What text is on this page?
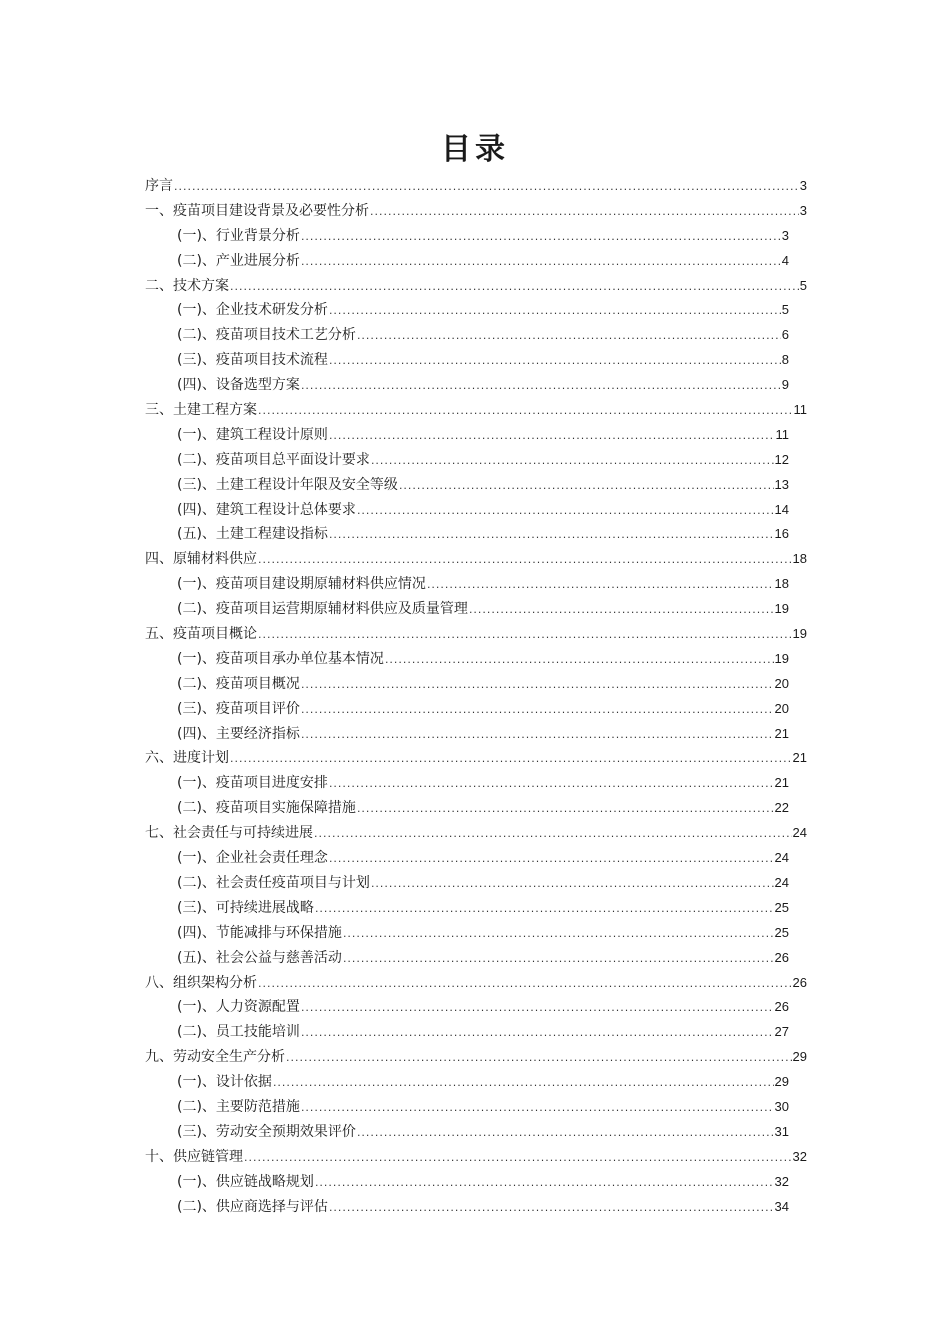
目录
序言 .....	3
一、疫苗项目建设背景及必要性分析 .....	3
(一)、行业背景分析 .....	3
(二)、产业进展分析 .....	4
二、技术方案 .....	5
(一)、企业技术研发分析 .....	5
(二)、疫苗项目技术工艺分析 .....	6
(三)、疫苗项目技术流程 .....	8
(四)、设备选型方案 .....	9
三、土建工程方案 .....	11
(一)、建筑工程设计原则 .....	11
(二)、疫苗项目总平面设计要求 .....	12
(三)、土建工程设计年限及安全等级 .....	13
(四)、建筑工程设计总体要求 .....	14
(五)、土建工程建设指标 .....	16
四、原辅材料供应 .....	18
(一)、疫苗项目建设期原辅材料供应情况 .....	18
(二)、疫苗项目运营期原辅材料供应及质量管理 .....	19
五、疫苗项目概论 .....	19
(一)、疫苗项目承办单位基本情况 .....	19
(二)、疫苗项目概况 .....	20
(三)、疫苗项目评价 .....	20
(四)、主要经济指标 .....	21
六、进度计划 .....	21
(一)、疫苗项目进度安排 .....	21
(二)、疫苗项目实施保障措施 .....	22
七、社会责任与可持续进展 .....	24
(一)、企业社会责任理念 .....	24
(二)、社会责任疫苗项目与计划 .....	24
(三)、可持续进展战略 .....	25
(四)、节能减排与环保措施 .....	25
(五)、社会公益与慈善活动 .....	26
八、组织架构分析 .....	26
(一)、人力资源配置 .....	26
(二)、员工技能培训 .....	27
九、劳动安全生产分析 .....	29
(一)、设计依据 .....	29
(二)、主要防范措施 .....	30
(三)、劳动安全预期效果评价 .....	31
十、供应链管理 .....	32
(一)、供应链战略规划 .....	32
(二)、供应商选择与评估 .....	34
